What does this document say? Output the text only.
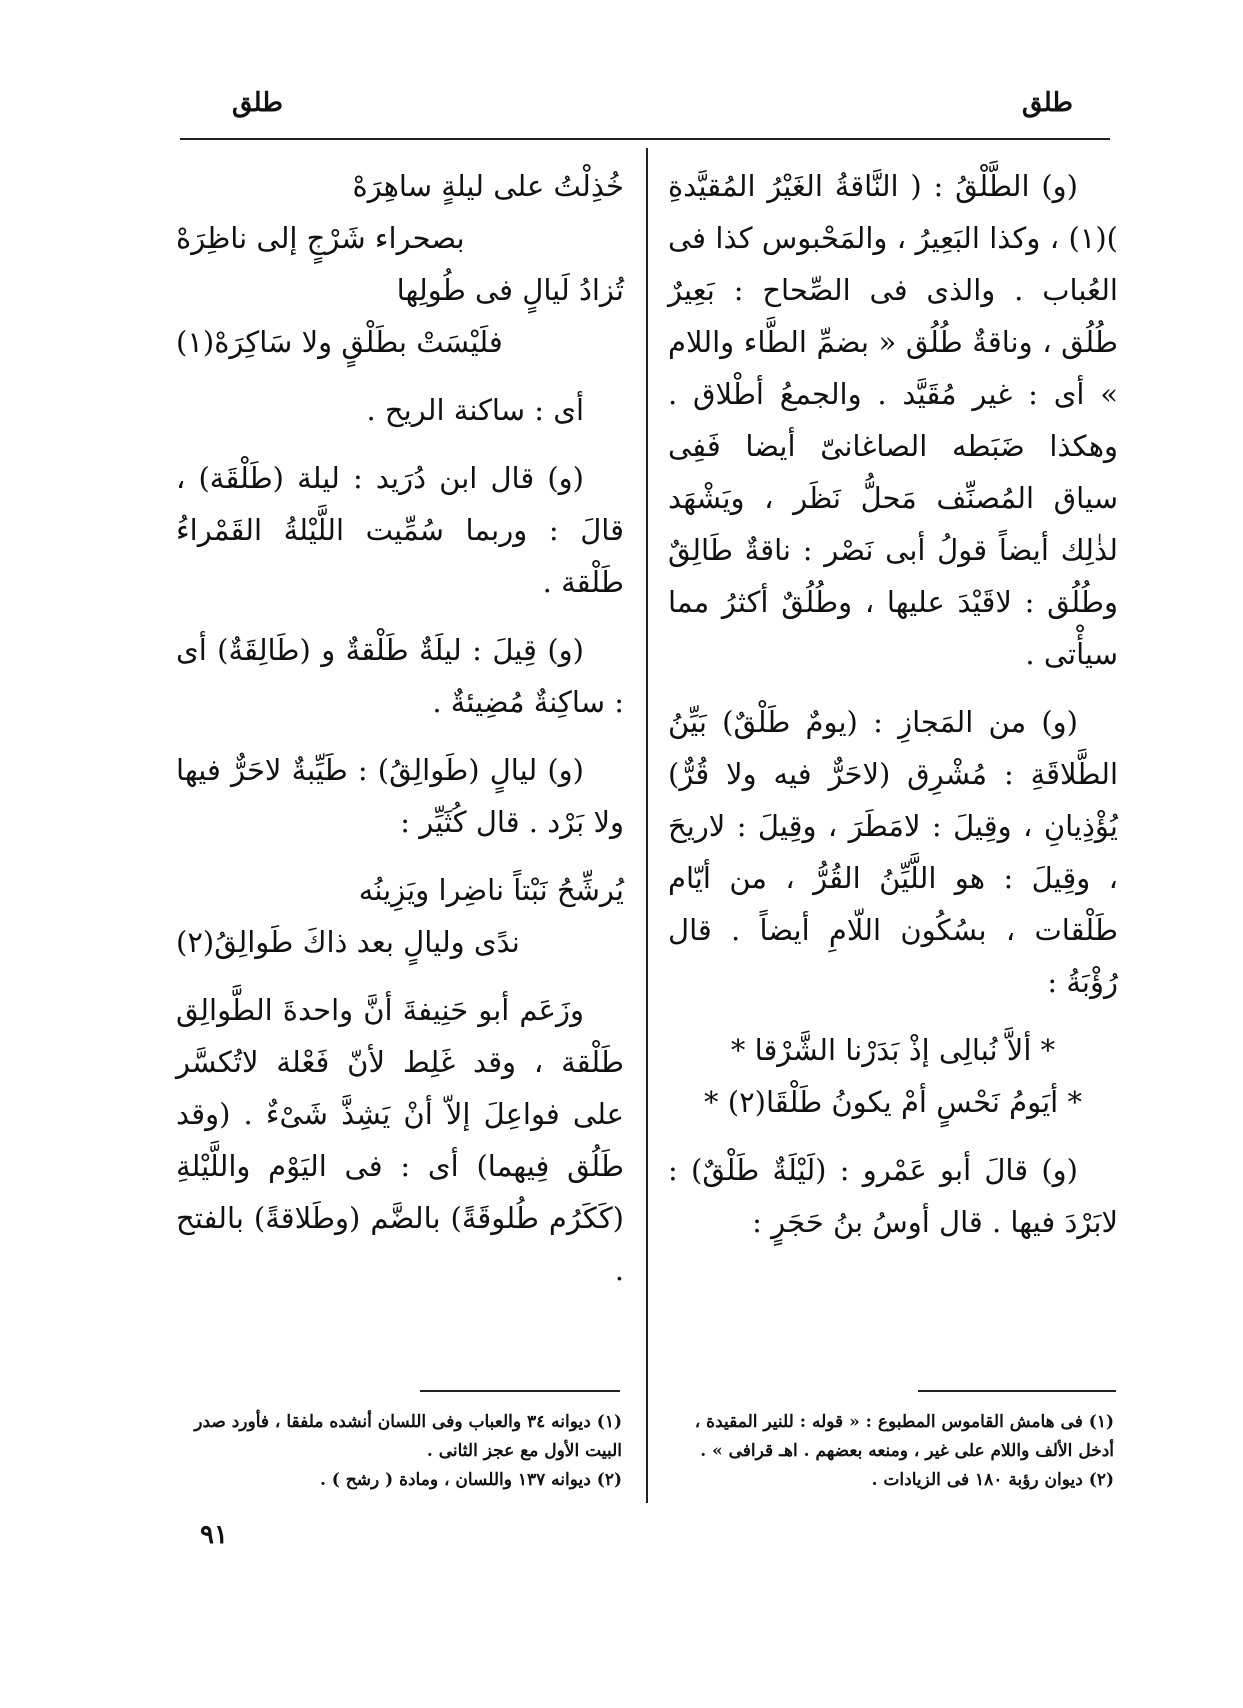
طلق
طلق

(و) الطَّلْقُ : ( النَّاقةُ الغَيْرُ المُقيَّدةِ )(١) ، وكذا البَعِيرُ ، والمَحْبوس كذا فى العُباب . والذى فى الصِّحاح : بَعِيرٌ طُلُق ، وناقةٌ طُلُق « بضمِّ الطَّاء واللام » أى : غير مُقَيَّد . والجمعُ أطْلاق . وهكذا ضَبَطه الصاغانىّ أيضا فَفِى سياق المُصنِّف مَحلُّ نَظَر ، ويَشْهَد لذٰلِك أيضاً قولُ أبى نَصْر : ناقةٌ طَالِقٌ وطُلُق : لاقَيْدَ عليها ، وطُلُقٌ أكثرُ مما سيأْتى .

(و) من المَجازِ : (يومٌ طَلْقٌ) بَيِّنُ الطَّلاقَةِ : مُشْرِق (لاحَرٌّ فيه ولا قُرٌّ) يُؤْذِيانِ ، وقِيلَ : لامَطَرَ ، وقِيلَ : لاريحَ ، وقِيلَ : هو اللَّيِّنُ القُرُّ ، من أيّام طَلْقات ، بسُكُون اللّامِ أيضاً . قال رُؤْبَةُ :

* ألاَّ نُبالِى إذْ بَدَرْنا الشَّرْقا *

* أيَومُ نَحْسٍ أمْ يكونُ طَلْقَا(٢) *

(و) قالَ أبو عَمْرو : (لَيْلَةٌ طَلْقٌ) : لابَرْدَ فيها . قال أوسُ بنُ حَجَرٍ :

خُذِلْتُ على ليلةٍ ساهِرَهْ

بصحراء شَرْجٍ إلى ناظِرَهْ

تُزادُ لَيالٍ فى طُولِها

فلَيْسَتْ بطَلْقٍ ولا سَاكِرَهْ(١)

أى : ساكنة الريح .

(و) قال ابن دُرَيد : ليلة (طَلْقَة) ، قالَ : وربما سُمِّيت اللَّيْلةُ القَمْراءُ طَلْقة .

(و) قِيلَ : ليلَةٌ طَلْقةٌ و (طَالِقَةٌ) أى : ساكِنةٌ مُضِيئةٌ .

(و) ليالٍ (طَوالِقُ) : طَيِّبةٌ لاحَرٌّ فيها ولا بَرْد . قال كُثَيِّر :

يُرشِّحُ نَبْتاً ناضِرا ويَزِينُه

ندًى وليالٍ بعد ذاكَ طَوالِقُ(٢)

وزَعَم أبو حَنِيفةَ أنَّ واحدةَ الطَّوالِق طَلْقة ، وقد غَلِط لأنّ فَعْلة لاتُكسَّر على فواعِلَ إلاّ أنْ يَشِذَّ شَىْءٌ . (وقد طَلُق فِيهما) أى : فى اليَوْم واللَّيْلةِ (كَكَرُم طُلوقَةً) بالضَّم (وطَلاقةً) بالفتح .

(١) فى هامش القاموس المطبوع : « قوله : للنير المقيدة ، أدخل الألف واللام على غير ، ومنعه بعضهم . اهـ قرافى » .

(٢) ديوان رؤبة ١٨٠ فى الزيادات .

(١) ديوانه ٣٤ والعباب وفى اللسان أنشده ملفقا ، فأورد صدر البيت الأول مع عجز الثانى .

(٢) ديوانه ١٣٧ واللسان ، ومادة ( رشح ) .

٩١
